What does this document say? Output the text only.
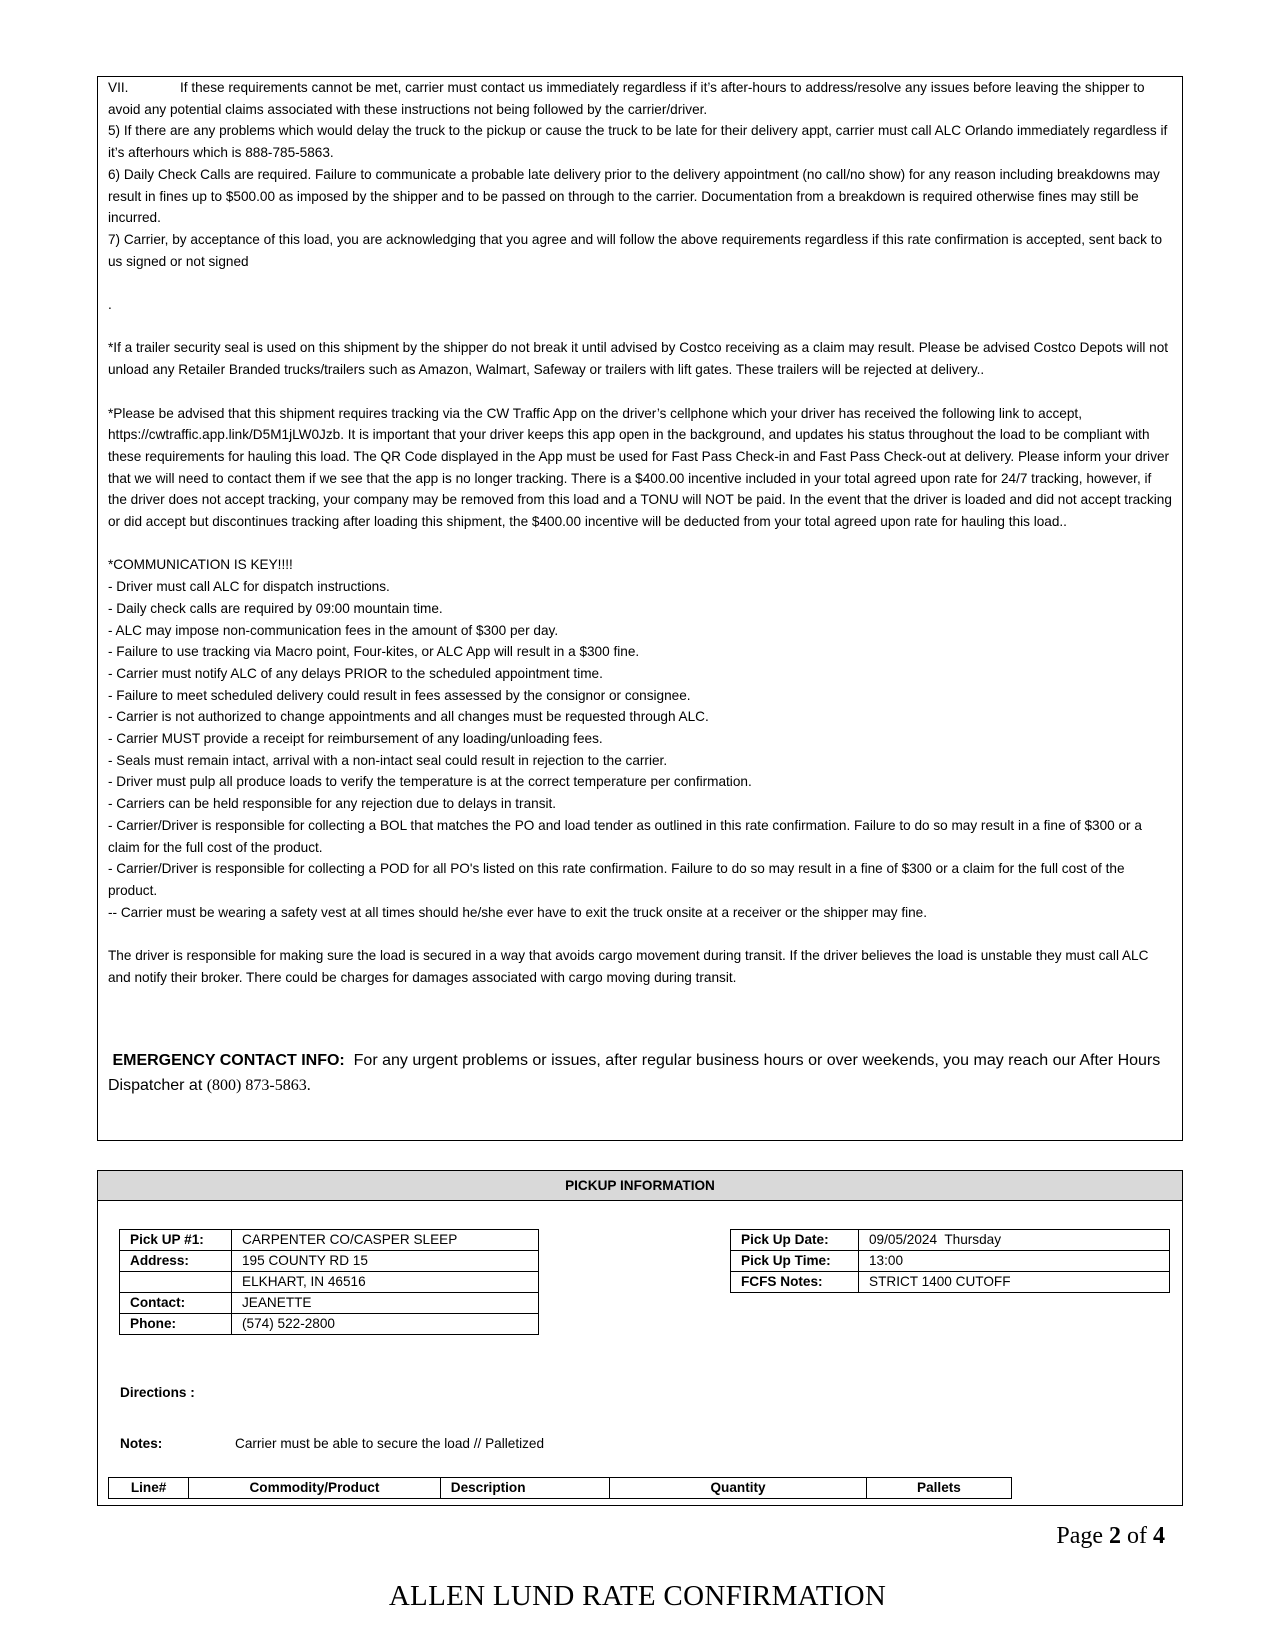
VII.	If these requirements cannot be met, carrier must contact us immediately regardless if it’s after-hours to address/resolve any issues before leaving the shipper to avoid any potential claims associated with these instructions not being followed by the carrier/driver.

5) If there are any problems which would delay the truck to the pickup or cause the truck to be late for their delivery appt, carrier must call ALC Orlando immediately regardless if it’s afterhours which is 888-785-5863.

6) Daily Check Calls are required. Failure to communicate a probable late delivery prior to the delivery appointment (no call/no show) for any reason including breakdowns may result in fines up to $500.00 as imposed by the shipper and to be passed on through to the carrier. Documentation from a breakdown is required otherwise fines may still be incurred.

7) Carrier, by acceptance of this load, you are acknowledging that you agree and will follow the above requirements regardless if this rate confirmation is accepted, sent back to us signed or not signed

.

*If a trailer security seal is used on this shipment by the shipper do not break it until advised by Costco receiving as a claim may result. Please be advised Costco Depots will not unload any Retailer Branded trucks/trailers such as Amazon, Walmart, Safeway or trailers with lift gates. These trailers will be rejected at delivery..

*Please be advised that this shipment requires tracking via the CW Traffic App on the driver’s cellphone which your driver has received the following link to accept, https://cwtraffic.app.link/D5M1jLW0Jzb. It is important that your driver keeps this app open in the background, and updates his status throughout the load to be compliant with these requirements for hauling this load. The QR Code displayed in the App must be used for Fast Pass Check-in and Fast Pass Check-out at delivery. Please inform your driver that we will need to contact them if we see that the app is no longer tracking. There is a $400.00 incentive included in your total agreed upon rate for 24/7 tracking, however, if the driver does not accept tracking, your company may be removed from this load and a TONU will NOT be paid. In the event that the driver is loaded and did not accept tracking or did accept but discontinues tracking after loading this shipment, the $400.00 incentive will be deducted from your total agreed upon rate for hauling this load..

*COMMUNICATION IS KEY!!!!

- Driver must call ALC for dispatch instructions.

- Daily check calls are required by 09:00 mountain time.

- ALC may impose non-communication fees in the amount of $300 per day.

- Failure to use tracking via Macro point, Four-kites, or ALC App will result in a $300 fine.

- Carrier must notify ALC of any delays PRIOR to the scheduled appointment time.

- Failure to meet scheduled delivery could result in fees assessed by the consignor or consignee.

- Carrier is not authorized to change appointments and all changes must be requested through ALC.

- Carrier MUST provide a receipt for reimbursement of any loading/unloading fees.

- Seals must remain intact, arrival with a non-intact seal could result in rejection to the carrier.

- Driver must pulp all produce loads to verify the temperature is at the correct temperature per confirmation.

- Carriers can be held responsible for any rejection due to delays in transit.

- Carrier/Driver is responsible for collecting a BOL that matches the PO and load tender as outlined in this rate confirmation. Failure to do so may result in a fine of $300 or a claim for the full cost of the product.

- Carrier/Driver is responsible for collecting a POD for all PO's listed on this rate confirmation. Failure to do so may result in a fine of $300 or a claim for the full cost of the product.

-- Carrier must be wearing a safety vest at all times should he/she ever have to exit the truck onsite at a receiver or the shipper may fine.

The driver is responsible for making sure the load is secured in a way that avoids cargo movement during transit. If the driver believes the load is unstable they must call ALC and notify their broker. There could be charges for damages associated with cargo moving during transit.

EMERGENCY CONTACT INFO: For any urgent problems or issues, after regular business hours or over weekends, you may reach our After Hours Dispatcher at (800) 873-5863.

PICKUP INFORMATION
Pick UP #1:	CARPENTER CO/CASPER SLEEP
Address:	195 COUNTY RD 15
	ELKHART, IN 46516
Contact:	JEANETTE
Phone:	(574) 522-2800
Pick Up Date:	09/05/2024  Thursday
Pick Up Time:	13:00
FCFS Notes:	STRICT 1400 CUTOFF
Directions :
Notes:	Carrier must be able to secure the load // Palletized
Line#	Commodity/Product	Description	Quantity	Pallets
Page 2 of 4
ALLEN LUND RATE CONFIRMATION
